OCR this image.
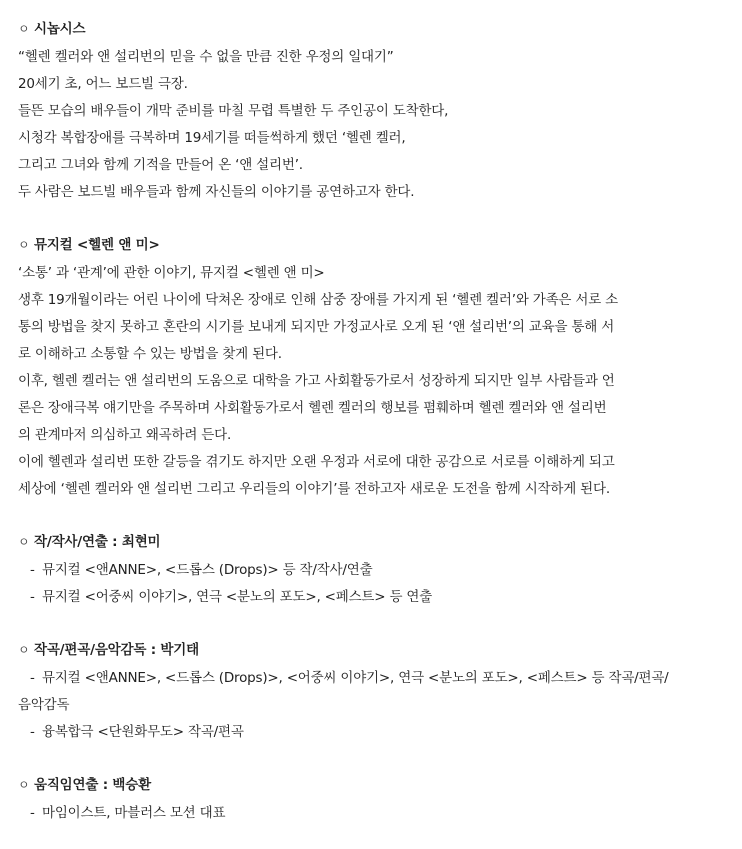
ㅇ 시놉시스
“헬렌 켈러와 앤 설리번의 믿을 수 없을 만큼 진한 우정의 일대기”
20세기 초, 어느 보드빌 극장.
들뜬 모습의 배우들이 개막 준비를 마칠 무렵 특별한 두 주인공이 도착한다,
시청각 복합장애를 극복하며 19세기를 떠들썩하게 했던 ‘헬렌 켈러,
그리고 그녀와 함께 기적을 만들어 온 ‘앤 설리번’.
두 사람은 보드빌 배우들과 함께 자신들의 이야기를 공연하고자 한다.
ㅇ 뮤지컬 <헬렌 앤 미>
‘소통’ 과 ‘관계’에 관한 이야기, 뮤지컬 <헬렌 앤 미>
생후 19개월이라는 어린 나이에 닥쳐온 장애로 인해 삼중 장애를 가지게 된 ‘헬렌 켈러’와 가족은 서로 소
통의 방법을 찾지 못하고 혼란의 시기를 보내게 되지만 가정교사로 오게 된 ‘앤 설리번’의 교육을 통해 서
로 이해하고 소통할 수 있는 방법을 찾게 된다.
이후, 헬렌 켈러는 앤 설리번의 도움으로 대학을 가고 사회활동가로서 성장하게 되지만 일부 사람들과 언
론은 장애극복 얘기만을 주목하며 사회활동가로서 헬렌 켈러의 행보를 폄훼하며 헬렌 켈러와 앤 설리번
의 관계마저 의심하고 왜곡하려 든다.
이에 헬렌과 설리번 또한 갈등을 겪기도 하지만 오랜 우정과 서로에 대한 공감으로 서로를 이해하게 되고
세상에 ‘헬렌 켈러와 앤 설리번 그리고 우리들의 이야기’를 전하고자 새로운 도전을 함께 시작하게 된다.
ㅇ 작/작사/연출 : 최현미
- 뮤지컬 <앤ANNE>, <드롭스 (Drops)> 등 작/작사/연출
- 뮤지컬 <어중씨 이야기>, 연극 <분노의 포도>, <페스트> 등 연출
ㅇ 작곡/편곡/음악감독 : 박기태
- 뮤지컬 <앤ANNE>, <드롭스 (Drops)>, <어중씨 이야기>, 연극 <분노의 포도>, <페스트> 등 작곡/편곡/
음악감독
- 융복합극 <단원화무도> 작곡/편곡
ㅇ 움직임연출 : 백승환
- 마임이스트, 마블러스 모션 대표
